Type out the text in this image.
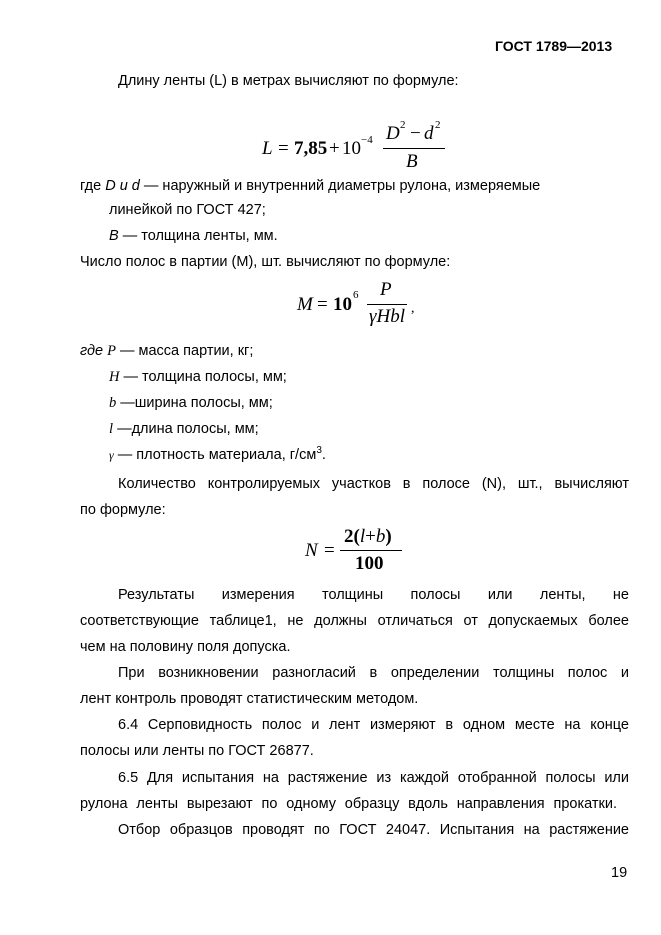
ГОСТ 1789—2013
Длину ленты (L) в метрах вычисляют по формуле:
L = 7,85 + 10 −4 D 2 − d 2
B
где D и d — наружный и внутренний диаметры рулона, измеряемые
линейкой по ГОСТ 427;
В — толщина ленты, мм.
Число полос в партии (М), шт. вычисляют по формуле:
M = 10 6 P
γHbl ,
где P — масса партии, кг;
H — толщина полосы, мм;
b —ширина полосы, мм;
l —длина полосы, мм;
γ — плотность материала, $г/см^3$.
Количество контролируемых участков в полосе (N), шт., вычисляют
по формуле:
N =
2(l+b)
100
Результаты измерения толщины полосы или ленты, не
соответствующие таблице1, не должны отличаться от допускаемых более
чем на половину поля допуска.
При возникновении разногласий в определении толщины полос и
лент контроль проводят статистическим методом.
6.4 Серповидность полос и лент измеряют в одном месте на конце
полосы или ленты по ГОСТ 26877.
6.5 Для испытания на растяжение из каждой отобранной полосы или
рулона ленты вырезают по одному образцу вдоль направления прокатки.
Отбор образцов проводят по ГОСТ 24047. Испытания на растяжение
19
